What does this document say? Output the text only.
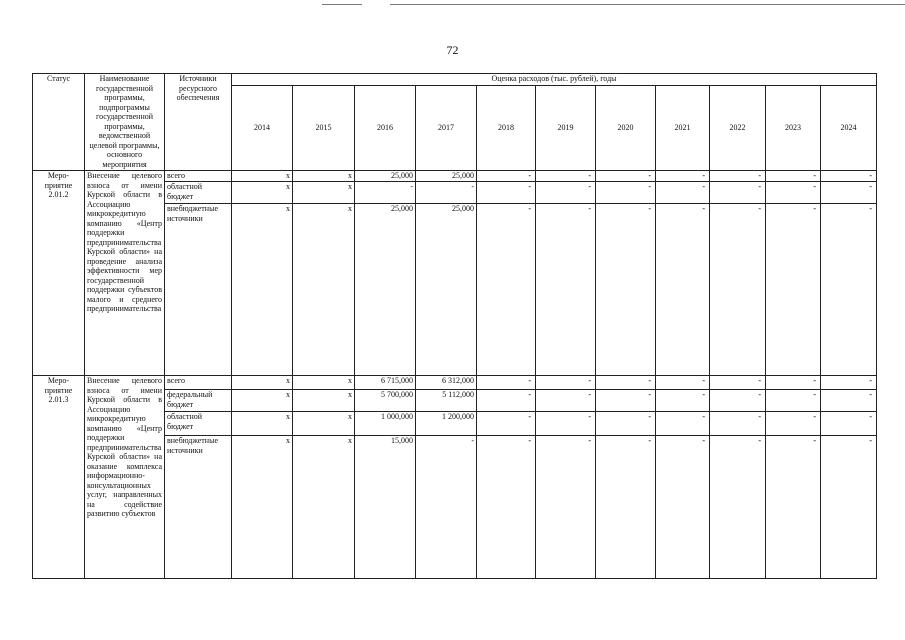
72
Статус	Наименование государственной программы, подпрограммы государственной программы, ведомственной целевой программы, основного мероприятия	Источники ресурсного обеспечения	Оценка расходов (тыс. рублей), годы										
			2014	2015	2016	2017	2018	2019	2020	2021	2022	2023	2024
Меро-приятие 2.01.2	Внесение целевого взноса от имени Курской области в Ассоциацию микрокредитную компанию «Центр поддержки предпринимательства Курской области» на проведение анализа эффективности мер государственной поддержки субъектов малого и среднего предпринимательства	всего	x	x	25,000	25,000	-	-	-	-	-	-	-
		областной бюджет	x	x	-	-	-	-	-	-	-	-	-
		внебюджетные источники	x	x	25,000	25,000	-	-	-	-	-	-	-
Меро-приятие 2.01.3	Внесение целевого взноса от имени Курской области в Ассоциацию микрокредитную компанию «Центр поддержки предпринимательства Курской области» на оказание комплекса информационно-консультационных услуг, направленных на содействие развитию субъектов	всего	x	x	6 715,000	6 312,000	-	-	-	-	-	-	-
		федеральный бюджет	x	x	5 700,000	5 112,000	-	-	-	-	-	-	-
		областной бюджет	x	x	1 000,000	1 200,000	-	-	-	-	-	-	-
		внебюджетные источники	x	x	15,000	-	-	-	-	-	-	-	-
